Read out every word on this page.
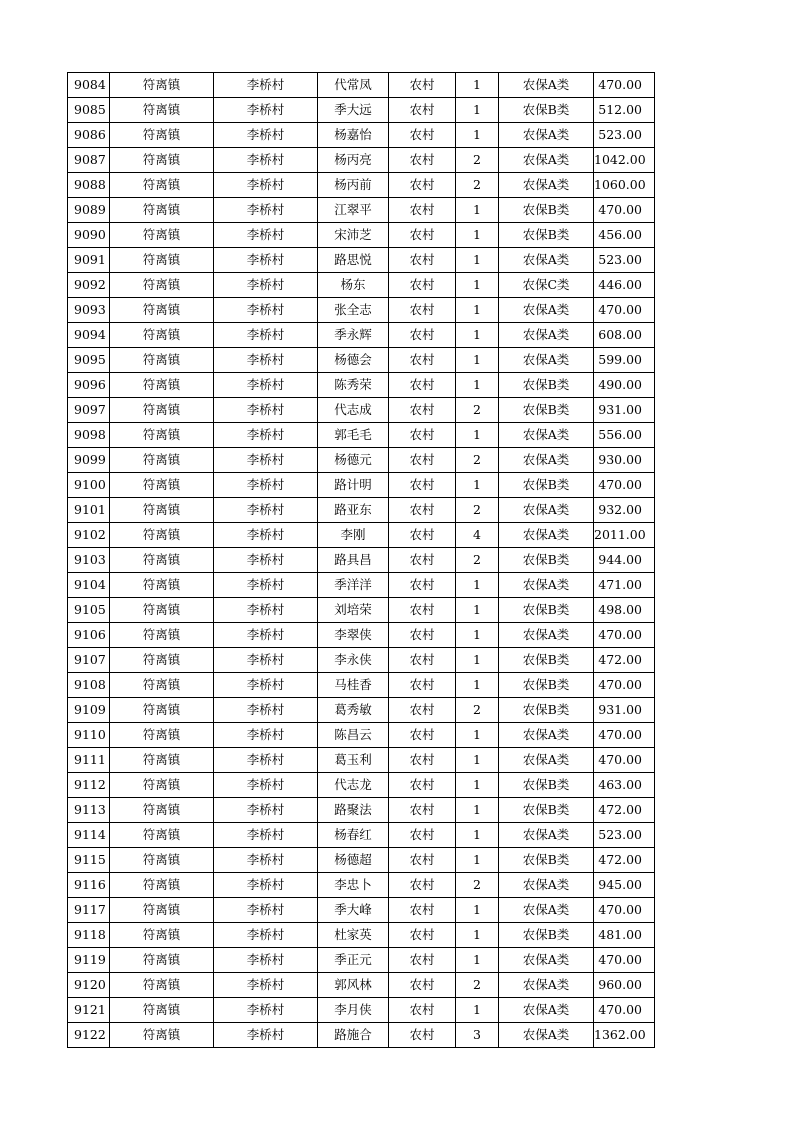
9084	符离镇	李桥村	代常凤	农村	1	农保A类	470.00
9085	符离镇	李桥村	季大远	农村	1	农保B类	512.00
9086	符离镇	李桥村	杨嘉怡	农村	1	农保A类	523.00
9087	符离镇	李桥村	杨丙亮	农村	2	农保A类	1042.00
9088	符离镇	李桥村	杨丙前	农村	2	农保A类	1060.00
9089	符离镇	李桥村	江翠平	农村	1	农保B类	470.00
9090	符离镇	李桥村	宋沛芝	农村	1	农保B类	456.00
9091	符离镇	李桥村	路思悦	农村	1	农保A类	523.00
9092	符离镇	李桥村	杨东	农村	1	农保C类	446.00
9093	符离镇	李桥村	张全志	农村	1	农保A类	470.00
9094	符离镇	李桥村	季永辉	农村	1	农保A类	608.00
9095	符离镇	李桥村	杨德会	农村	1	农保A类	599.00
9096	符离镇	李桥村	陈秀荣	农村	1	农保B类	490.00
9097	符离镇	李桥村	代志成	农村	2	农保B类	931.00
9098	符离镇	李桥村	郭毛毛	农村	1	农保A类	556.00
9099	符离镇	李桥村	杨德元	农村	2	农保A类	930.00
9100	符离镇	李桥村	路计明	农村	1	农保B类	470.00
9101	符离镇	李桥村	路亚东	农村	2	农保A类	932.00
9102	符离镇	李桥村	李刚	农村	4	农保A类	2011.00
9103	符离镇	李桥村	路具昌	农村	2	农保B类	944.00
9104	符离镇	李桥村	季洋洋	农村	1	农保A类	471.00
9105	符离镇	李桥村	刘培荣	农村	1	农保B类	498.00
9106	符离镇	李桥村	李翠侠	农村	1	农保A类	470.00
9107	符离镇	李桥村	李永侠	农村	1	农保B类	472.00
9108	符离镇	李桥村	马桂香	农村	1	农保B类	470.00
9109	符离镇	李桥村	葛秀敏	农村	2	农保B类	931.00
9110	符离镇	李桥村	陈昌云	农村	1	农保A类	470.00
9111	符离镇	李桥村	葛玉利	农村	1	农保A类	470.00
9112	符离镇	李桥村	代志龙	农村	1	农保B类	463.00
9113	符离镇	李桥村	路聚法	农村	1	农保B类	472.00
9114	符离镇	李桥村	杨春红	农村	1	农保A类	523.00
9115	符离镇	李桥村	杨德超	农村	1	农保B类	472.00
9116	符离镇	李桥村	李忠卜	农村	2	农保A类	945.00
9117	符离镇	李桥村	季大峰	农村	1	农保A类	470.00
9118	符离镇	李桥村	杜家英	农村	1	农保B类	481.00
9119	符离镇	李桥村	季正元	农村	1	农保A类	470.00
9120	符离镇	李桥村	郭风林	农村	2	农保A类	960.00
9121	符离镇	李桥村	李月侠	农村	1	农保A类	470.00
9122	符离镇	李桥村	路施合	农村	3	农保A类	1362.00
